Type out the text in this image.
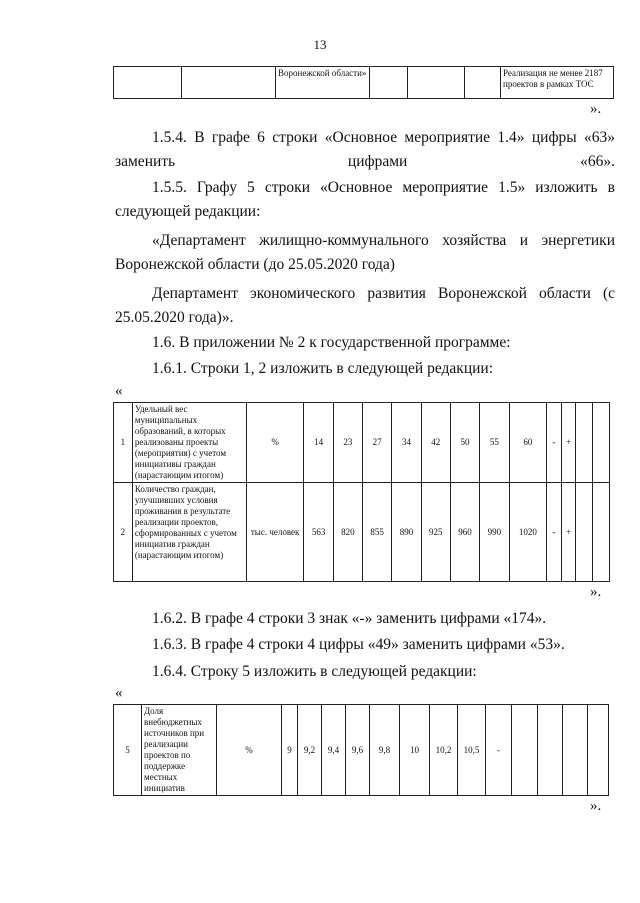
13
		Воронежской области»				Реализация не менее 2187 проектов в рамках ТОС
».
1.5.4. В графе 6 строки «Основное мероприятие 1.4» цифры «63» заменить цифрами «66».
1.5.5. Графу 5 строки «Основное мероприятие 1.5» изложить в
следующей редакции:
«Департамент жилищно-коммунального хозяйства и энергетики
Воронежской области (до 25.05.2020 года)
Департамент экономического развития Воронежской области (с
25.05.2020 года)».
1.6. В приложении № 2 к государственной программе:
1.6.1. Строки 1, 2 изложить в следующей редакции:
«
1	Удельный вес муниципальных образований, в которых реализованы проекты (мероприятия) с учетом инициативы граждан (нарастающим итогом)	%	14	23	27	34	42	50	55	60	-	+		
2	Количество граждан, улучшивших условия проживания в результате реализации проектов, сформированных с учетом инициатив граждан (нарастающим итогом)	тыс. человек	563	820	855	890	925	960	990	1020	-	+		
».
1.6.2. В графе 4 строки 3 знак «-» заменить цифрами «174».
1.6.3. В графе 4 строки 4 цифры «49» заменить цифрами «53».
1.6.4. Строку 5 изложить в следующей редакции:
«
5	Доля внебюджетных источников при реализации проектов по поддержке местных инициатив	%	9	9,2	9,4	9,6	9,8	10	10,2	10,5	-				
».
